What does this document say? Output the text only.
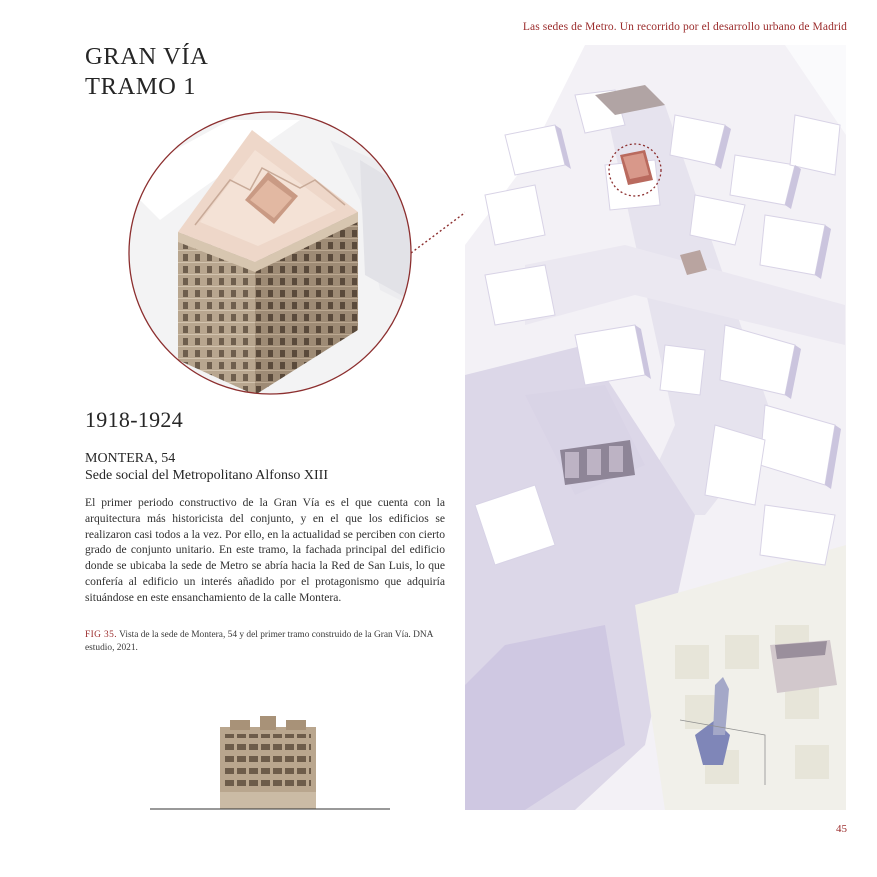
Las sedes de Metro. Un recorrido por el desarrollo urbano de Madrid
GRAN VÍA
TRAMO 1
1918-1924
MONTERA, 54
Sede social del Metropolitano Alfonso XIII

El primer periodo constructivo de la Gran Vía es el que cuenta con la arquitectura más historicista del conjunto, y en el que los edificios se realizaron casi todos a la vez. Por ello, en la actualidad se perciben con cierto grado de conjunto unitario. En este tramo, la fachada principal del edificio donde se ubicaba la sede de Metro se abría hacia la Red de San Luis, lo que confería al edificio un interés añadido por el protagonismo que adquiría situándose en este ensanchamiento de la calle Montera.

FIG 35. Vista de la sede de Montera, 54 y del primer tramo construido de la Gran Vía. DNA estudio, 2021.

45
